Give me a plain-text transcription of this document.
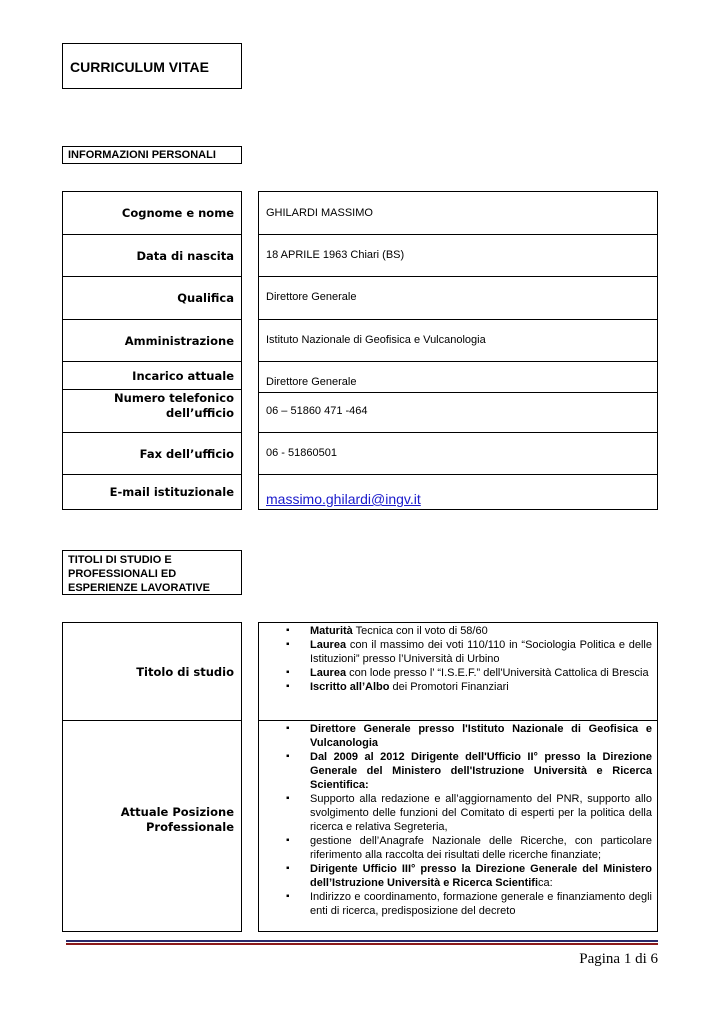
CURRICULUM VITAE
INFORMAZIONI PERSONALI
Cognome e nome
Data di nascita
Qualifica
Amministrazione
Incarico attuale
Numero telefonico
dell’ufficio
Fax dell’ufficio
E-mail istituzionale
GHILARDI MASSIMO
18 APRILE 1963 Chiari (BS)
Direttore Generale
Istituto Nazionale di Geofisica e Vulcanologia
Direttore Generale
06 – 51860 471 -464
06 - 51860501
massimo.ghilardi@ingv.it
TITOLI DI STUDIO E
PROFESSIONALI ED
ESPERIENZE LAVORATIVE
Titolo di studio
Attuale Posizione
Professionale
▪ Maturità Tecnica con il voto di 58/60
▪ Laurea con il massimo dei voti 110/110 in “Sociologia Politica e delle Istituzioni” presso l’Università di Urbino
▪ Laurea con lode presso l’ “I.S.E.F.” dell'Università Cattolica di Brescia
▪ Iscritto all’Albo dei Promotori Finanziari
▪ Direttore Generale presso l'Istituto Nazionale di Geofisica e Vulcanologia
▪ Dal 2009 al 2012 Dirigente dell'Ufficio II° presso la Direzione Generale del Ministero dell'Istruzione Università e Ricerca Scientifica:
▪ Supporto alla redazione e all’aggiornamento del PNR, supporto allo svolgimento delle funzioni del Comitato di esperti per la politica della ricerca e relativa Segreteria,
▪ gestione dell’Anagrafe Nazionale delle Ricerche, con particolare riferimento alla raccolta dei risultati delle ricerche finanziate;
▪ Dirigente Ufficio III° presso la Direzione Generale del Ministero dell’Istruzione Università e Ricerca Scientifica:
▪ Indirizzo e coordinamento, formazione generale e finanziamento degli enti di ricerca, predisposizione del decreto
Pagina 1 di 6
